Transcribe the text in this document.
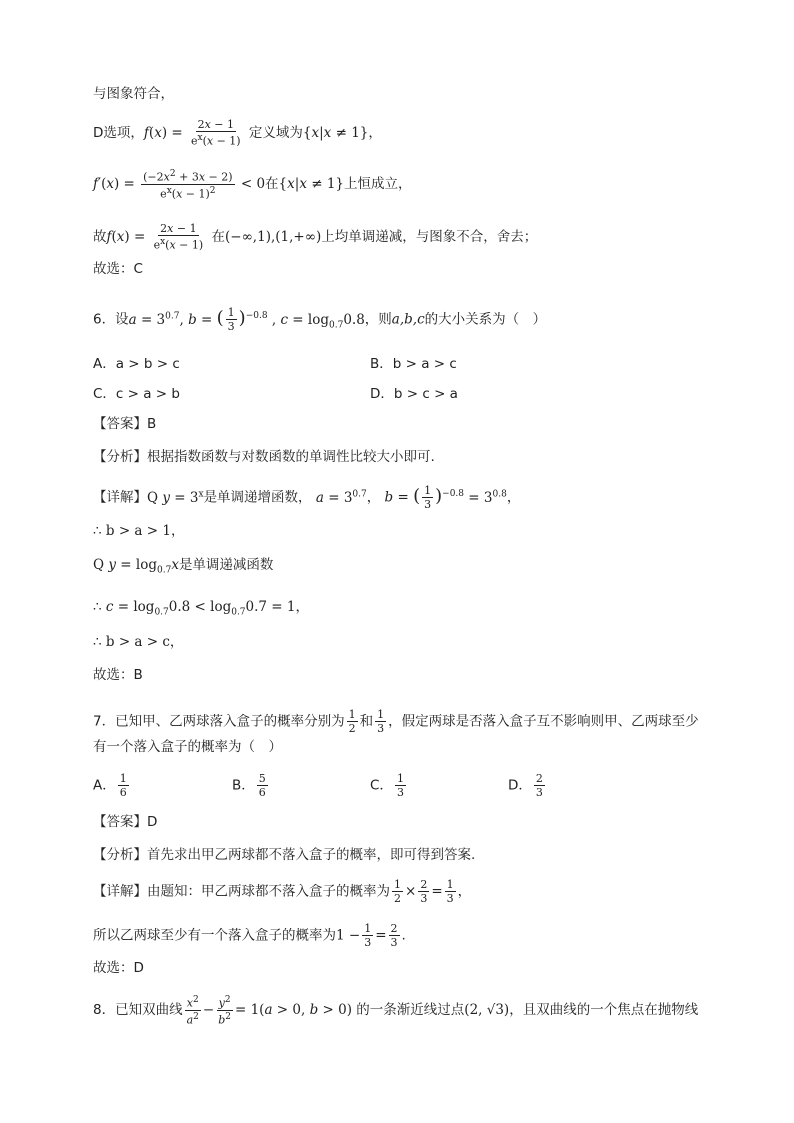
与图象符合，
D选项，$f(x) = \frac{2x - 1}{e^x(x - 1)}$ 定义域为{x|x ≠ 1}，
$f'(x) = \frac{(-2x^2 + 3x - 2)}{e^x(x - 1)^2} < 0$在{x|x ≠ 1}上恒成立，
故$f(x) = \frac{2x - 1}{e^x(x - 1)}$ 在(−∞,1),(1,+∞)上均单调递减，与图象不合，舍去；
故选：C
6．设$a = 3^{0.7}$, b = ( $\frac{1}{3} )^{-0.8}$ , $c = \log_{0.7}0.8$，则a,b,c的大小关系为（　）
A．a > b > c	B．b > a > c
C．c > a > b	D．b > c > a
【答案】B
【分析】根据指数函数与对数函数的单调性比较大小即可.
【详解】Q $y = 3^x$是单调递增函数， $a = 3^{0.7}$， b = ( $\frac{1}{3} )^{-0.8} = 3^{0.8}$，
∴ b > a > 1，
Q $y = \log_{0.7}x$是单调递减函数
∴ $c = \log_{0.7}0.8 < \log_{0.7}0.7 = 1$，
∴ b > a > c，
故选：B
7．已知甲、乙两球落入盒子的概率分别为 $\frac{1}{2}$ 和 $\frac{1}{3}$ ，假定两球是否落入盒子互不影响则甲、乙两球至少
有一个落入盒子的概率为（　）
A． $\frac{1}{6}$	B． $\frac{5}{6}$	C． $\frac{1}{3}$	D． $\frac{2}{3}$
【答案】D
【分析】首先求出甲乙两球都不落入盒子的概率，即可得到答案.
【详解】由题知：甲乙两球都不落入盒子的概率为 $\frac{1}{2} \times \frac{2}{3} = \frac{1}{3}$ ，
所以乙两球至少有一个落入盒子的概率为$1 - \frac{1}{3} = \frac{2}{3}$ .
故选：D
8．已知双曲线 $\frac{x^2}{a^2} - \frac{y^2}{b^2} = 1(a > 0$, b > 0) 的一条渐近线过点(2, √3)，且双曲线的一个焦点在抛物线
